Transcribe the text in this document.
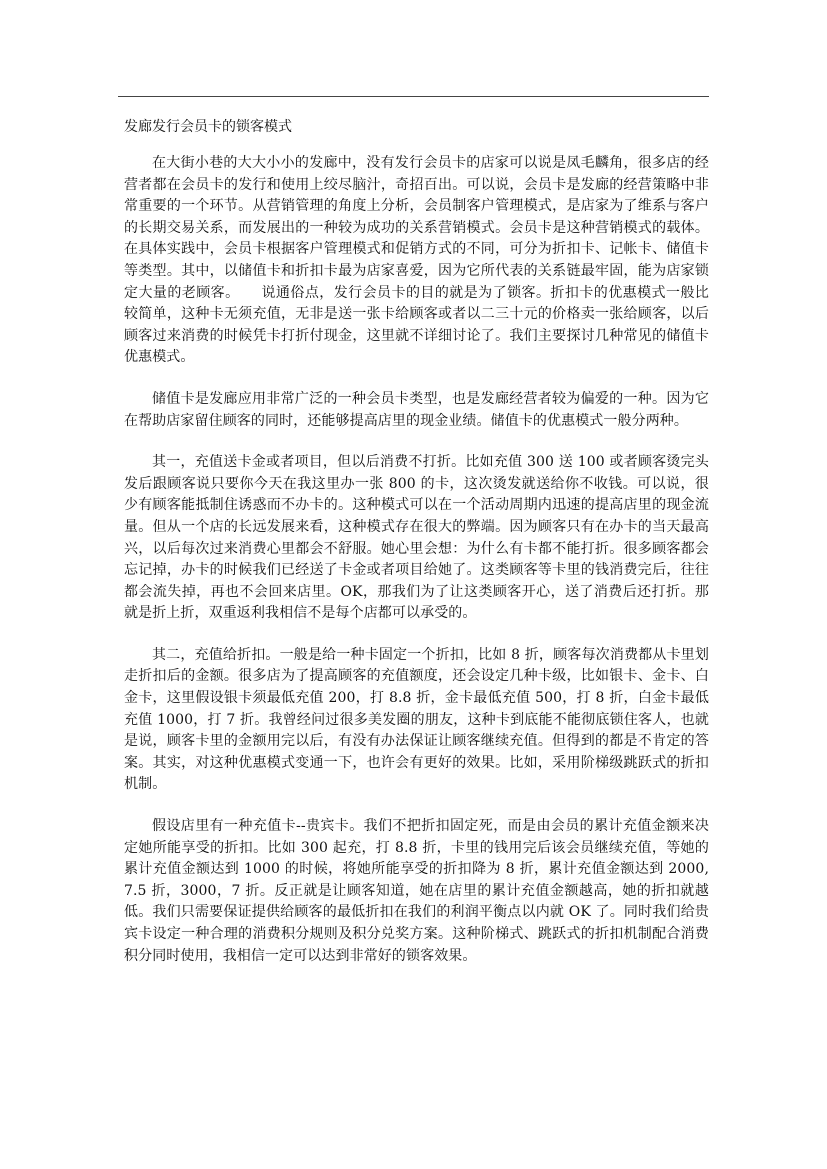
发廊发行会员卡的锁客模式

在大街小巷的大大小小的发廊中，没有发行会员卡的店家可以说是凤毛麟角，很多店的经营者都在会员卡的发行和使用上绞尽脑汁，奇招百出。可以说，会员卡是发廊的经营策略中非常重要的一个环节。从营销管理的角度上分析，会员制客户管理模式，是店家为了维系与客户的长期交易关系，而发展出的一种较为成功的关系营销模式。会员卡是这种营销模式的载体。在具体实践中，会员卡根据客户管理模式和促销方式的不同，可分为折扣卡、记帐卡、储值卡等类型。其中，以储值卡和折扣卡最为店家喜爱，因为它所代表的关系链最牢固，能为店家锁定大量的老顾客。　　说通俗点，发行会员卡的目的就是为了锁客。折扣卡的优惠模式一般比较简单，这种卡无须充值，无非是送一张卡给顾客或者以二三十元的价格卖一张给顾客，以后顾客过来消费的时候凭卡打折付现金，这里就不详细讨论了。我们主要探讨几种常见的储值卡优惠模式。

储值卡是发廊应用非常广泛的一种会员卡类型，也是发廊经营者较为偏爱的一种。因为它在帮助店家留住顾客的同时，还能够提高店里的现金业绩。储值卡的优惠模式一般分两种。

其一，充值送卡金或者项目，但以后消费不打折。比如充值 300 送 100 或者顾客烫完头发后跟顾客说只要你今天在我这里办一张 800 的卡，这次烫发就送给你不收钱。可以说，很少有顾客能抵制住诱惑而不办卡的。这种模式可以在一个活动周期内迅速的提高店里的现金流量。但从一个店的长远发展来看，这种模式存在很大的弊端。因为顾客只有在办卡的当天最高兴，以后每次过来消费心里都会不舒服。她心里会想：为什么有卡都不能打折。很多顾客都会忘记掉，办卡的时候我们已经送了卡金或者项目给她了。这类顾客等卡里的钱消费完后，往往都会流失掉，再也不会回来店里。OK，那我们为了让这类顾客开心，送了消费后还打折。那就是折上折，双重返利我相信不是每个店都可以承受的。

其二，充值给折扣。一般是给一种卡固定一个折扣，比如 8 折，顾客每次消费都从卡里划走折扣后的金额。很多店为了提高顾客的充值额度，还会设定几种卡级，比如银卡、金卡、白金卡，这里假设银卡须最低充值 200，打 8.8 折，金卡最低充值 500，打 8 折，白金卡最低充值 1000，打 7 折。我曾经问过很多美发圈的朋友，这种卡到底能不能彻底锁住客人，也就是说，顾客卡里的金额用完以后，有没有办法保证让顾客继续充值。但得到的都是不肯定的答案。其实，对这种优惠模式变通一下，也许会有更好的效果。比如，采用阶梯级跳跃式的折扣机制。

假设店里有一种充值卡--贵宾卡。我们不把折扣固定死，而是由会员的累计充值金额来决定她所能享受的折扣。比如 300 起充，打 8.8 折，卡里的钱用完后该会员继续充值，等她的累计充值金额达到 1000 的时候，将她所能享受的折扣降为 8 折，累计充值金额达到 2000,7.5 折，3000，7 折。反正就是让顾客知道，她在店里的累计充值金额越高，她的折扣就越低。我们只需要保证提供给顾客的最低折扣在我们的利润平衡点以内就 OK 了。同时我们给贵宾卡设定一种合理的消费积分规则及积分兑奖方案。这种阶梯式、跳跃式的折扣机制配合消费积分同时使用，我相信一定可以达到非常好的锁客效果。
